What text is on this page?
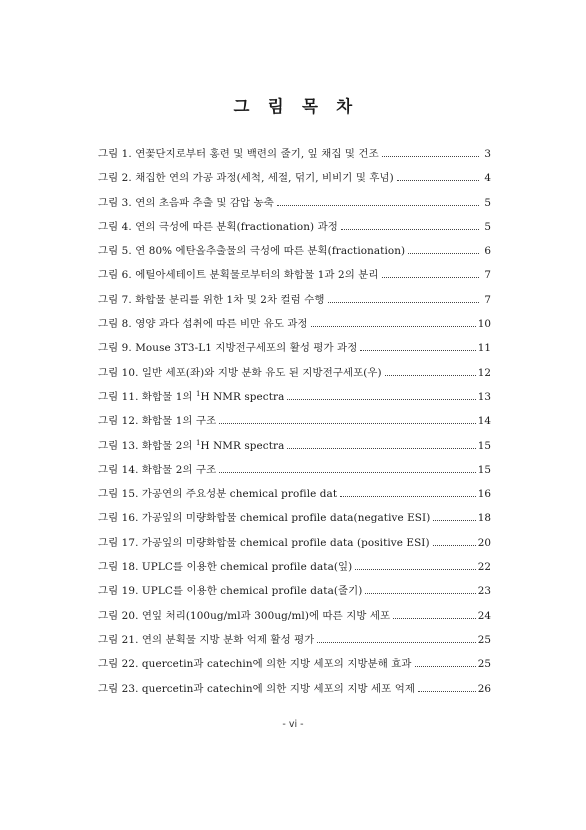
그 림 목 차
그림 1. 연꽃단지로부터 홍련 및 백련의 줄기, 잎 채집 및 건조	3
그림 2. 채집한 연의 가공 과정(세척, 세절, 덖기, 비비기 및 후넘)	4
그림 3. 연의 초음파 추출 및 감압 농축	5
그림 4. 연의 극성에 따른 분획(fractionation) 과정	5
그림 5. 연 80% 에탄올추출물의 극성에 따른 분획(fractionation)	6
그림 6. 에틸아세테이트 분획물로부터의 화합물 1과 2의 분리	7
그림 7. 화합물 분리를 위한 1차 및 2차 컬럼 수행	7
그림 8. 영양 과다 섭취에 따른 비만 유도 과정	10
그림 9. Mouse 3T3-L1 지방전구세포의 활성 평가 과정	11
그림 10. 일반 세포(좌)와 지방 분화 유도 된 지방전구세포(우)	12
그림 11. 화합물 1의 $^1$H NMR spectra	13
그림 12. 화합물 1의 구조	14
그림 13. 화합물 2의 $^1$H NMR spectra	15
그림 14. 화합물 2의 구조	15
그림 15. 가공연의 주요성분 chemical profile dat	16
그림 16. 가공잎의 미량화합물 chemical profile data(negative ESI)	18
그림 17. 가공잎의 미량화합물 chemical profile data (positive ESI)	20
그림 18. UPLC를 이용한 chemical profile data(잎)	22
그림 19. UPLC를 이용한 chemical profile data(줄기)	23
그림 20. 연잎 처리(100ug/ml과 300ug/ml)에 따른 지방 세포	24
그림 21. 연의 분획물 지방 분화 억제 활성 평가	25
그림 22. quercetin과 catechin에 의한 지방 세포의 지방분해 효과	25
그림 23. quercetin과 catechin에 의한 지방 세포의 지방 세포 억제	26
- vi -
